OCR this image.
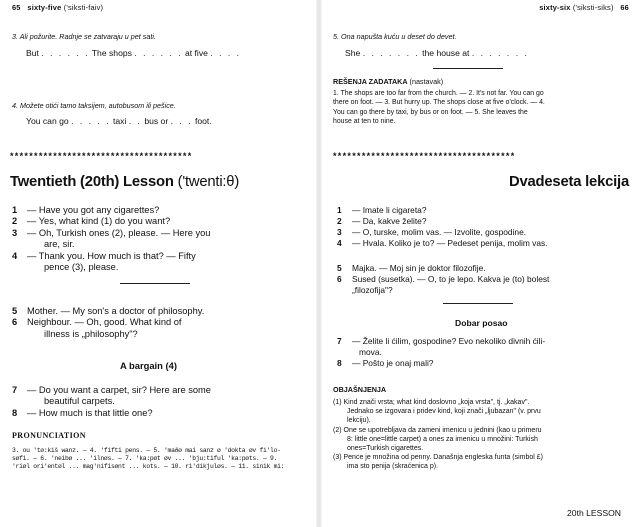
65 sixty-five ('siksti-faiv)
3. Ali požurite. Radnje se zatvaraju u pet sati.
But . . . . . . The shops . . . . . . at five . . . .
4. Možete otići tamo taksijem, autobusom ili pešice.
You can go . . . . . taxi . . bus or . . . foot.
**************************************
Twentieth (20th) Lesson ('twenti:θ)
1 — Have you got any cigarettes?
2 — Yes, what kind (1) do you want?
3 — Oh, Turkish ones (2), please. — Here you
are, sir.
4 — Thank you. How much is that? — Fifty
pence (3), please.
5 Mother. — My son's a doctor of philosophy.
6 Neighbour. — Oh, good. What kind of
illness is „philosophy"?
A bargain (4)
7 — Do you want a carpet, sir? Here are some
beautiful carpets.
8 — How much is that little one?
PRONUNCIATION
3. ou 'tø:kiš wanz. — 4. 'fifti pens. — 5. 'maðø mai sanz ø 'dokta øv fi'lo-
søfi. — 6. 'neibø ... 'ilnøs. — 7. 'ka:pøt øv ... 'bju:tiful 'ka:pøts. — 9.
'riøl ori'entøl ... mag'nifisønt ... kots. — 10. ri'dikjuløs. — 11. sinik mi:
sixty-six ('siksti-siks) 66
5. Ona napušta kuću u deset do devet.
She . . . . . . . the house at . . . . . . .
REŠENJA ZADATAKA (nastavak)
1. The shops are too far from the church. — 2. It's not far. You can go
there on foot. — 3. But hurry up. The shops close at five o'clock. — 4.
You can go there by taxi, by bus or on foot. — 5. She leaves the
house at ten to nine.
**************************************
Dvadeseta lekcija
1 — Imate li cigareta?
2 — Da, kakve želite?
3 — O, turske, molim vas. — Izvolite, gospodine.
4 — Hvala. Koliko je to? — Pedeset penija, molim vas.
5 Majka. — Moj sin je doktor filozofije.
6 Sused (susetka). — O, to je lepo. Kakva je (to) bolest
„filozofija"?
Dobar posao
7 — Želite li ćilim, gospodine? Evo nekoliko divnih ćili-
mova.
8 — Pošto je onaj mali?
OBJAŠNJENJA
(1) Kind znači vrsta; what kind doslovno „koja vrsta", tj. „kakav".
Jednako se izgovara i pridev kind, koji znači „ljubazan" (v. prvu
lekciju).
(2) One se upotrebljava da zameni imenicu u jednini (kao u primeru
8: little one=little carpet) a ones za imenicu u množini: Turkish
ones=Turkish cigarettes.
(3) Pence je množina od penny. Današnja engleska funta (simbol £)
ima sto penija (skraćenica p).
20th LESSON
